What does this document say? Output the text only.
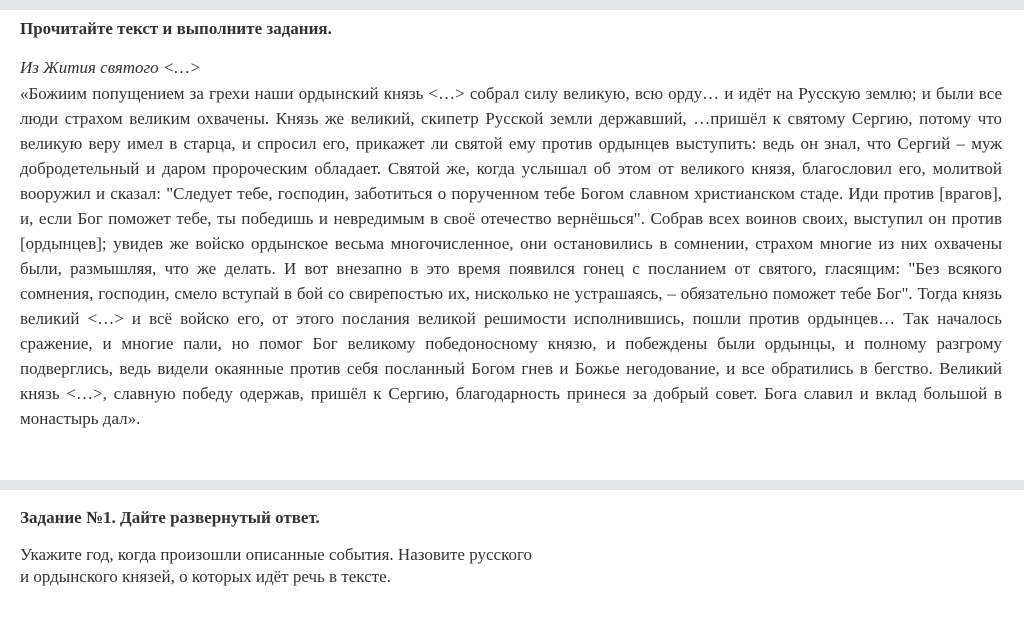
Прочитайте текст и выполните задания.
Из Жития святого <…>

«Божиим попущением за грехи наши ордынский князь <…> собрал силу великую, всю орду… и идёт на Русскую землю; и были все люди страхом великим охвачены. Князь же великий, скипетр Русской земли державший, …пришёл к святому Сергию, потому что великую веру имел в старца, и спросил его, прикажет ли святой ему против ордынцев выступить: ведь он знал, что Сергий – муж добродетельный и даром пророческим обладает. Святой же, когда услышал об этом от великого князя, благословил его, молитвой вооружил и сказал: "Следует тебе, господин, заботиться о порученном тебе Богом славном христианском стаде. Иди против [врагов], и, если Бог поможет тебе, ты победишь и невредимым в своё отечество вернёшься". Собрав всех воинов своих, выступил он против [ордынцев]; увидев же войско ордынское весьма многочисленное, они остановились в сомнении, страхом многие из них охвачены были, размышляя, что же делать. И вот внезапно в это время появился гонец с посланием от святого, гласящим: "Без всякого сомнения, господин, смело вступай в бой со свирепостью их, нисколько не устрашаясь, – обязательно поможет тебе Бог". Тогда князь великий <…> и всё войско его, от этого послания великой решимости исполнившись, пошли против ордынцев… Так началось сражение, и многие пали, но помог Бог великому победоносному князю, и побеждены были ордынцы, и полному разгрому подверглись, ведь видели окаянные против себя посланный Богом гнев и Божье негодование, и все обратились в бегство. Великий князь <…>, славную победу одержав, пришёл к Сергию, благодарность принеся за добрый совет. Бога славил и вклад большой в монастырь дал».

Задание №1. Дайте развернутый ответ.
Укажите год, когда произошли описанные события. Назовите русского
и ордынского князей, о которых идёт речь в тексте.
